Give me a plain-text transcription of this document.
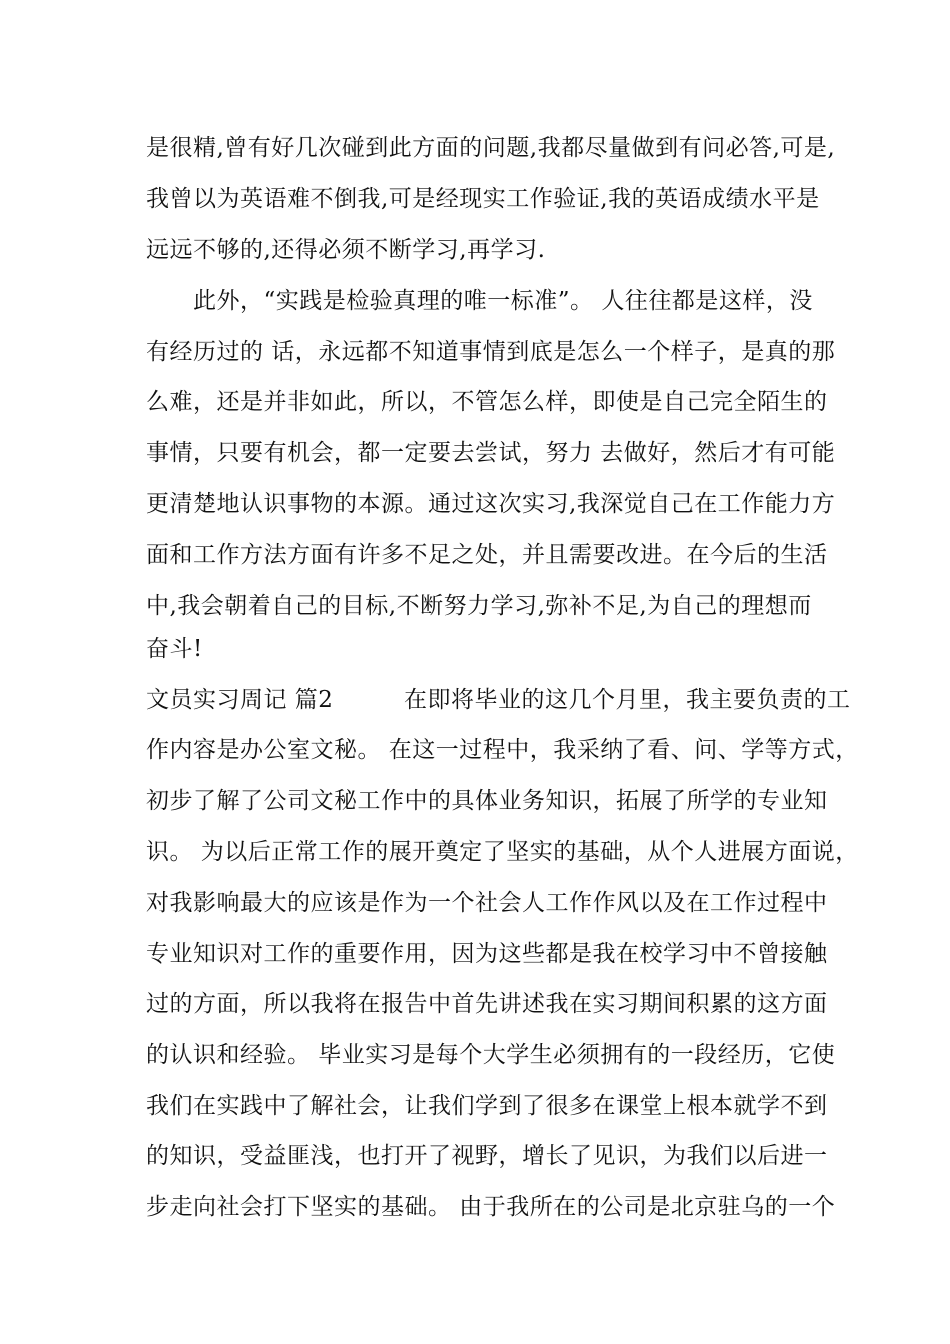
是很精,曾有好几次碰到此方面的问题,我都尽量做到有问必答,可是,
我曾以为英语难不倒我,可是经现实工作验证,我的英语成绩水平是
远远不够的,还得必须不断学习,再学习.
　　此外，“实践是检验真理的唯一标准”。 人往往都是这样，没
有经历过的 话，永远都不知道事情到底是怎么一个样子，是真的那
么难，还是并非如此，所以，不管怎么样，即使是自己完全陌生的
事情，只要有机会，都一定要去尝试，努力 去做好，然后才有可能
更清楚地认识事物的本源。通过这次实习,我深觉自己在工作能力方
面和工作方法方面有许多不足之处，并且需要改进。在今后的生活
中,我会朝着自己的目标,不断努力学习,弥补不足,为自己的理想而
奋斗!
文员实习周记 篇2　　　在即将毕业的这几个月里，我主要负责的工
作内容是办公室文秘。 在这一过程中，我采纳了看、问、学等方式，
初步了解了公司文秘工作中的具体业务知识，拓展了所学的专业知
识。 为以后正常工作的展开奠定了坚实的基础，从个人进展方面说，
对我影响最大的应该是作为一个社会人工作作风以及在工作过程中
专业知识对工作的重要作用，因为这些都是我在校学习中不曾接触
过的方面，所以我将在报告中首先讲述我在实习期间积累的这方面
的认识和经验。 毕业实习是每个大学生必须拥有的一段经历，它使
我们在实践中了解社会，让我们学到了很多在课堂上根本就学不到
的知识，受益匪浅，也打开了视野，增长了见识，为我们以后进一
步走向社会打下坚实的基础。 由于我所在的公司是北京驻乌的一个
